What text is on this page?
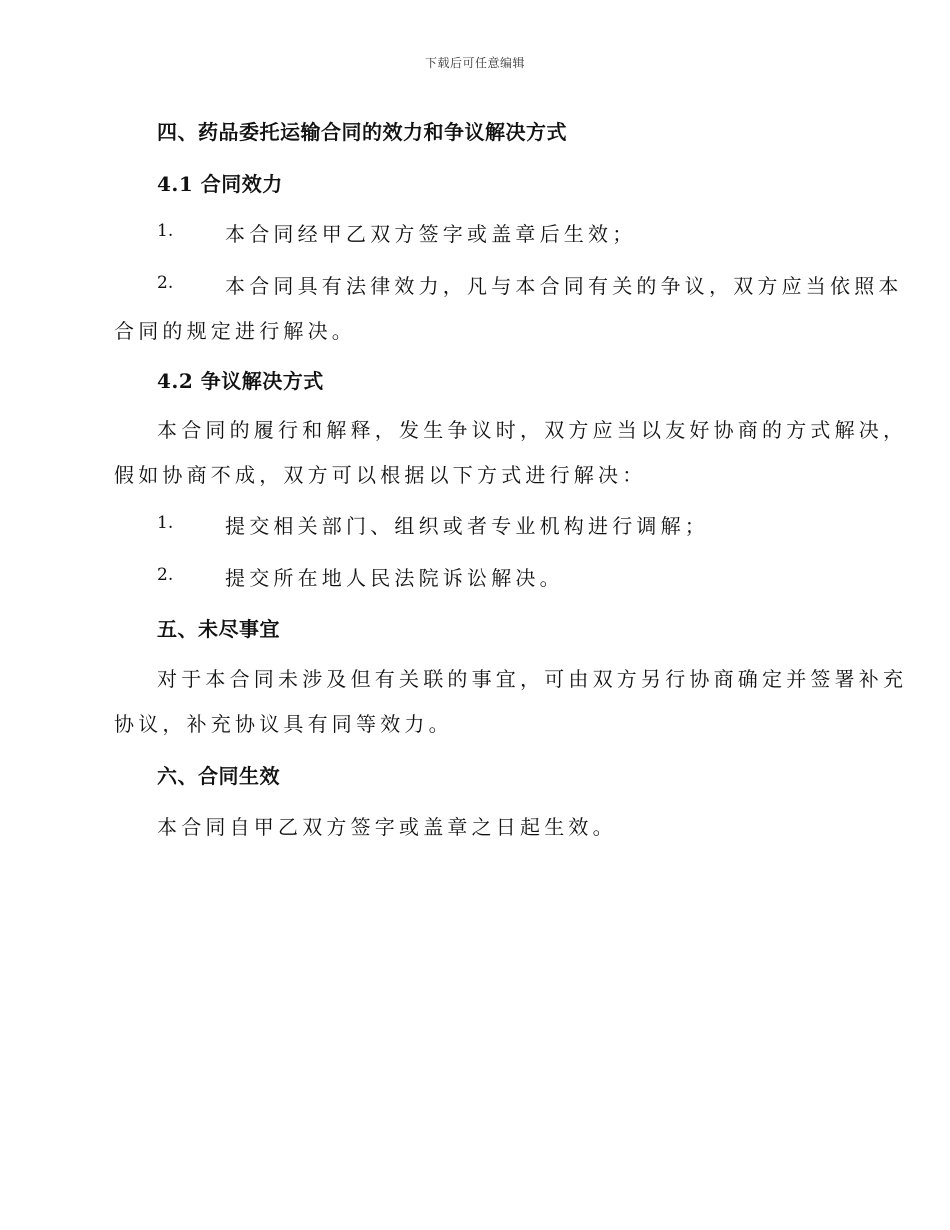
下载后可任意编辑
四、药品委托运输合同的效力和争议解决方式
4.1 合同效力
1.	本合同经甲乙双方签字或盖章后生效；
2.	本合同具有法律效力，凡与本合同有关的争议，双方应当依照本
合同的规定进行解决。
4.2 争议解决方式
本合同的履行和解释，发生争议时，双方应当以友好协商的方式解决，
假如协商不成，双方可以根据以下方式进行解决：
1.	提交相关部门、组织或者专业机构进行调解；
2.	提交所在地人民法院诉讼解决。
五、未尽事宜
对于本合同未涉及但有关联的事宜，可由双方另行协商确定并签署补充
协议，补充协议具有同等效力。
六、合同生效
本合同自甲乙双方签字或盖章之日起生效。
